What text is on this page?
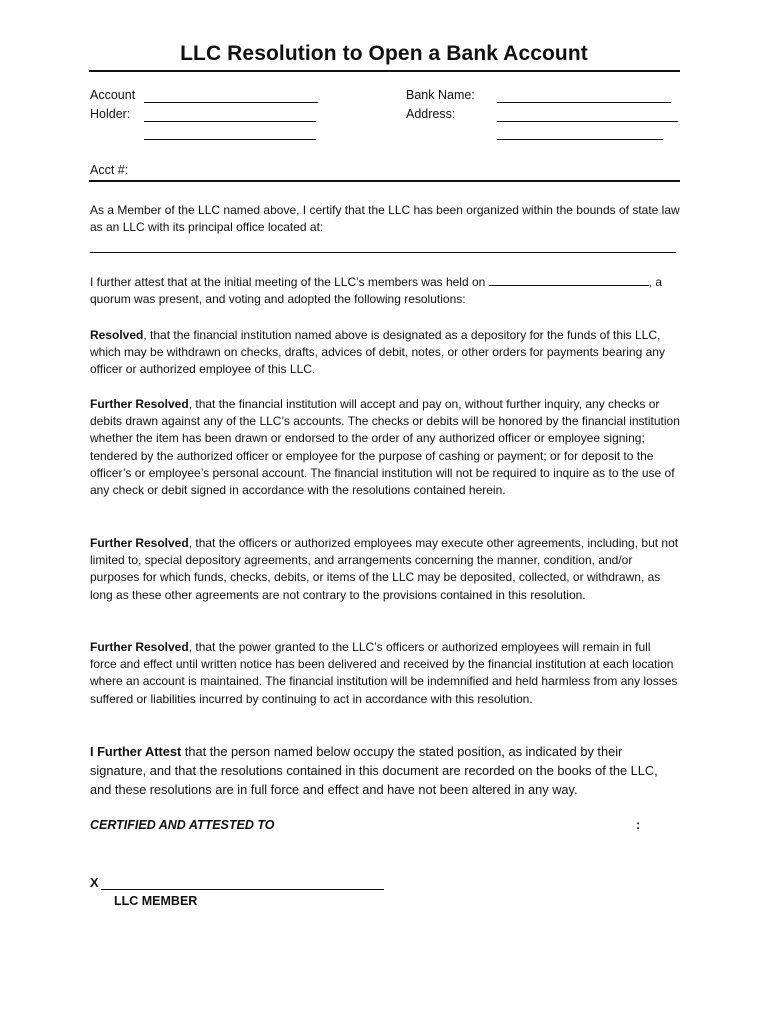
LLC Resolution to Open a Bank Account
Account
Holder:
Bank Name:
Address:
Acct #:
As a Member of the LLC named above, I certify that the LLC has been organized within the bounds of state law as an LLC with its principal office located at:
I further attest that at the initial meeting of the LLC’s members was held on	, a quorum was present, and voting and adopted the following resolutions:
Resolved, that the financial institution named above is designated as a depository for the funds of this LLC, which may be withdrawn on checks, drafts, advices of debit, notes, or other orders for payments bearing any officer or authorized employee of this LLC.
Further Resolved, that the financial institution will accept and pay on, without further inquiry, any checks or debits drawn against any of the LLC’s accounts. The checks or debits will be honored by the financial institution whether the item has been drawn or endorsed to the order of any authorized officer or employee signing; tendered by the authorized officer or employee for the purpose of cashing or payment; or for deposit to the officer’s or employee’s personal account. The financial institution will not be required to inquire as to the use of any check or debit signed in accordance with the resolutions contained herein.
Further Resolved, that the officers or authorized employees may execute other agreements, including, but not limited to, special depository agreements, and arrangements concerning the manner, condition, and/or purposes for which funds, checks, debits, or items of the LLC may be deposited, collected, or withdrawn, as long as these other agreements are not contrary to the provisions contained in this resolution.
Further Resolved, that the power granted to the LLC’s officers or authorized employees will remain in full force and effect until written notice has been delivered and received by the financial institution at each location where an account is maintained. The financial institution will be indemnified and held harmless from any losses suffered or liabilities incurred by continuing to act in accordance with this resolution.
I Further Attest that the person named below occupy the stated position, as indicated by their signature, and that the resolutions contained in this document are recorded on the books of the LLC, and these resolutions are in full force and effect and have not been altered in any way.
CERTIFIED AND ATTESTED TO	:
X
LLC MEMBER
